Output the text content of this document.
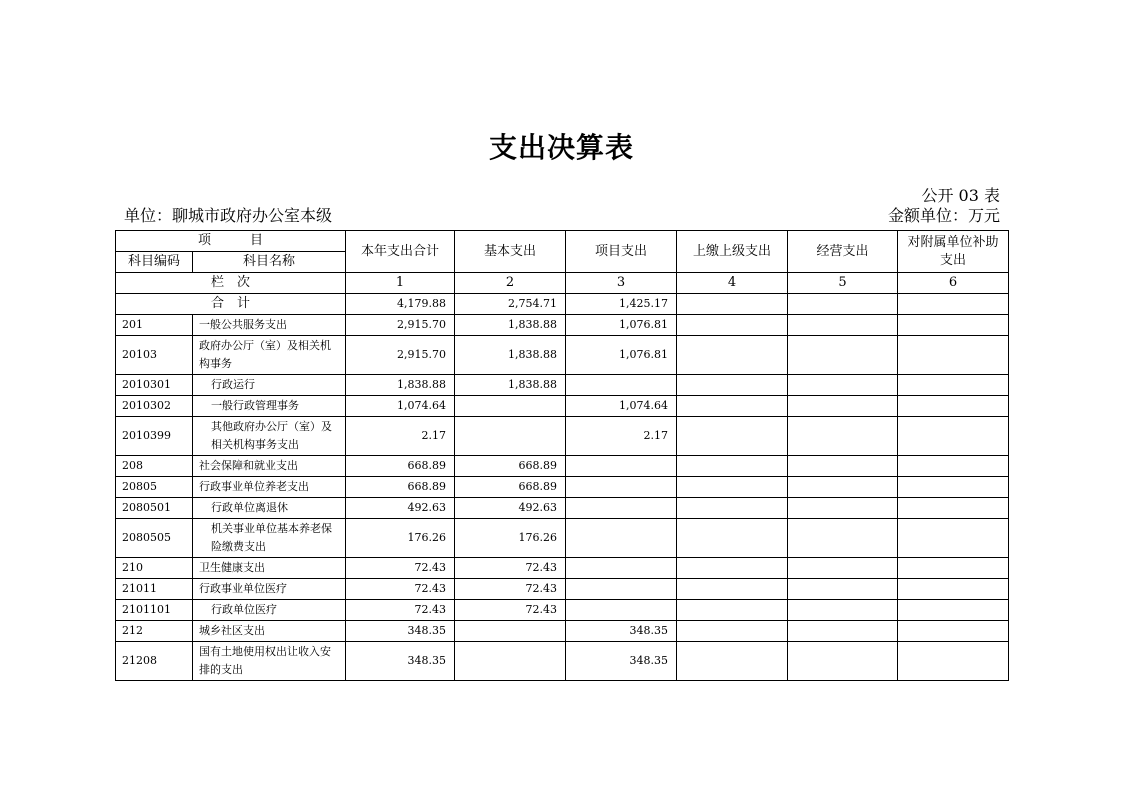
支出决算表
公开 03 表
单位：聊城市政府办公室本级	金额单位：万元
项　　　目		本年支出合计	基本支出	项目支出	上缴上级支出	经营支出	对附属单位补助支出
科目编码	科目名称						
栏　次		1	2	3	4	5	6
合　计		4,179.88	2,754.71	1,425.17			
201	一般公共服务支出	2,915.70	1,838.88	1,076.81			
20103	政府办公厅（室）及相关机构事务	2,915.70	1,838.88	1,076.81			
2010301	行政运行	1,838.88	1,838.88				
2010302	一般行政管理事务	1,074.64		1,074.64			
2010399	其他政府办公厅（室）及相关机构事务支出	2.17		2.17			
208	社会保障和就业支出	668.89	668.89				
20805	行政事业单位养老支出	668.89	668.89				
2080501	行政单位离退休	492.63	492.63				
2080505	机关事业单位基本养老保险缴费支出	176.26	176.26				
210	卫生健康支出	72.43	72.43				
21011	行政事业单位医疗	72.43	72.43				
2101101	行政单位医疗	72.43	72.43				
212	城乡社区支出	348.35		348.35			
21208	国有土地使用权出让收入安排的支出	348.35		348.35			
